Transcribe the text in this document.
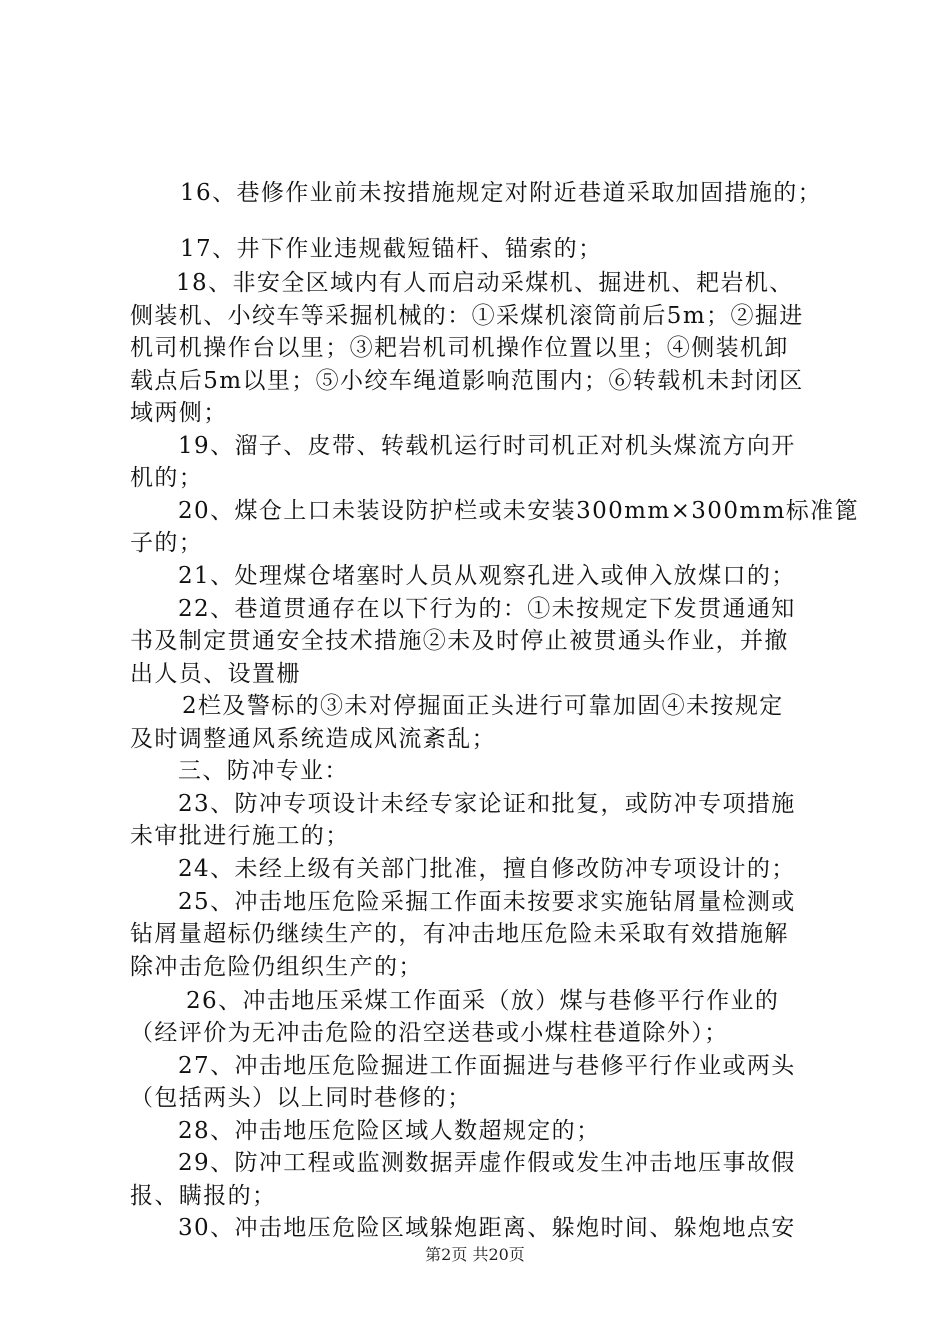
16、巷修作业前未按措施规定对附近巷道采取加固措施的；
17、井下作业违规截短锚杆、锚索的；
18、非安全区域内有人而启动采煤机、掘进机、耙岩机、
侧装机、小绞车等采掘机械的：①采煤机滚筒前后5m；②掘进
机司机操作台以里；③耙岩机司机操作位置以里；④侧装机卸
载点后5m以里；⑤小绞车绳道影响范围内；⑥转载机未封闭区
域两侧；
19、溜子、皮带、转载机运行时司机正对机头煤流方向开
机的；
20、煤仓上口未装设防护栏或未安装300mm×300mm标准篦
子的；
21、处理煤仓堵塞时人员从观察孔进入或伸入放煤口的；
22、巷道贯通存在以下行为的：①未按规定下发贯通通知
书及制定贯通安全技术措施②未及时停止被贯通头作业，并撤
出人员、设置栅
2栏及警标的③未对停掘面正头进行可靠加固④未按规定
及时调整通风系统造成风流紊乱；
三、防冲专业：
23、防冲专项设计未经专家论证和批复，或防冲专项措施
未审批进行施工的；
24、未经上级有关部门批准，擅自修改防冲专项设计的；
25、冲击地压危险采掘工作面未按要求实施钻屑量检测或
钻屑量超标仍继续生产的，有冲击地压危险未采取有效措施解
除冲击危险仍组织生产的；
26、冲击地压采煤工作面采（放）煤与巷修平行作业的
（经评价为无冲击危险的沿空送巷或小煤柱巷道除外）；
27、冲击地压危险掘进工作面掘进与巷修平行作业或两头
（包括两头）以上同时巷修的；
28、冲击地压危险区域人数超规定的；
29、防冲工程或监测数据弄虚作假或发生冲击地压事故假
报、瞒报的；
30、冲击地压危险区域躲炮距离、躲炮时间、躲炮地点安
第2页 共20页
